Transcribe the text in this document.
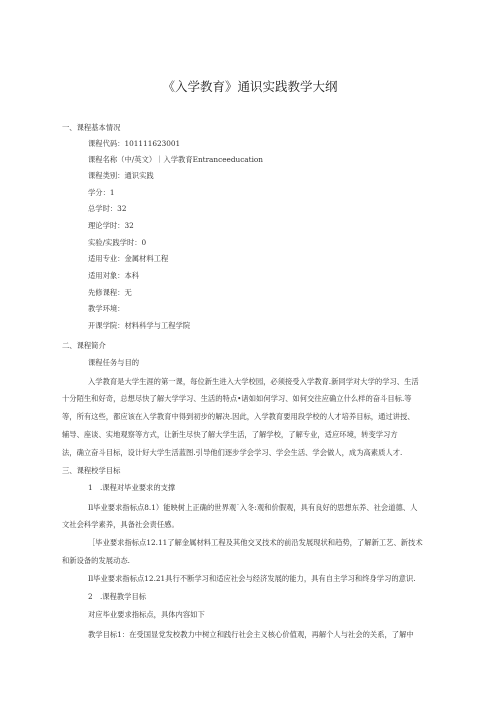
《入学教育》通识实践教学大纲
一、课程基本情况
课程代码：101111623001
课程名称（中/英文）｜入学教育Entranceeducation
课程类别：通识实践
学分：1
总学时：32
理论学时：32
实验/实践学时：0
适用专业：金属材料工程
适用对象：本科
先修课程：无
教学环境：
开课学院：材料科学与工程学院
二、课程简介
课程任务与目的
入学教育是大学生涯的第一课，每位新生进入大学校园，必须接受入学教育.新同学对大学的学习、生活
十分陌生和好奇，总想尽快了解大学学习、生活的特点•诸如如何学习、如何交往应确立什么样的奋斗目标.等
等，所有这些，都应该在入学教育中得到初步的解决.因此，入学教育要用段学校的人才培养目标，通过讲授、
辅导、座谈、实地观察等方式，让新生尽快了解大学生活，了解学校，了解专业，适应环境，转变学习方
法，确立奋斗目标，设计好大学生活蓝图.引导他们逐步学会学习、学会生活、学会做人，成为高素质人才.
三、课程校学目标
1　.课程对毕业要求的支撑
Il毕业要求指标点8.1）能映树上正确的世界观˙入冬:观和价假观，具有良好的思想东养、社会道德、人
文社会科学素养，具备社会责任感。
［毕业要求指标点12.11了解金属材料工程及其他交叉技术的前沿发展现状和趋势，了解新工艺、新技术
和新设备的发展动态.
Il毕业要求指标点12.21具行不断学习和适应社会与经济发展的能力，具有自主学习和终身学习的意识.
2　.课程教学目标
对应毕业要求指标点，具体内容如下
教学目标1：在受国显党发校教力中树立和践行社会主义核心价值观，再解个人与社会的关系，了解中
